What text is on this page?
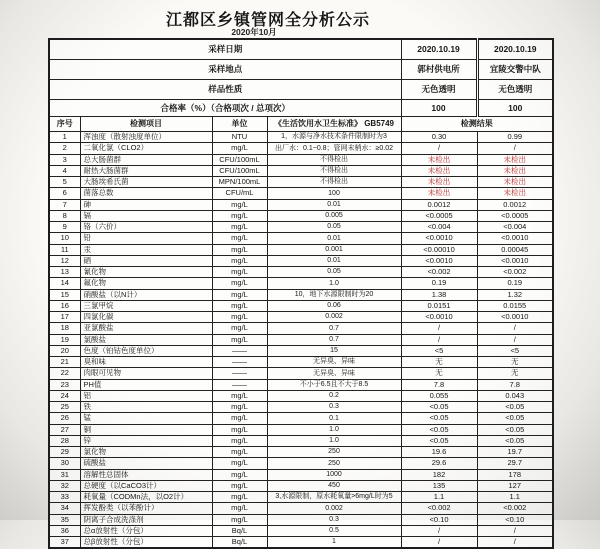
江都区乡镇管网全分析公示
2020年10月
采样日期				2020.10.19	2020.10.19
采样地点				郭村供电所	宜陵交警中队
样品性质				无色透明	无色透明
合格率（%）（合格项次 / 总项次）				100	100
序号	检测项目	单位	《生活饮用水卫生标准》 GB5749	检测结果	
1	浑浊度（散射浊度单位）	NTU	1，水源与净水技术条件限制时为3	0.30	0.99
2	二氧化氯（CLO2）	mg/L	出厂水：0.1~0.8；管网末梢水：≥0.02	/	/
3	总大肠菌群	CFU/100mL	不得检出	未检出	未检出
4	耐热大肠菌群	CFU/100mL	不得检出	未检出	未检出
5	大肠埃希氏菌	MPN/100mL	不得检出	未检出	未检出
6	菌落总数	CFU/mL	100	未检出	未检出
7	砷	mg/L	0.01	0.0012	0.0012
8	镉	mg/L	0.005	<0.0005	<0.0005
9	铬（六价）	mg/L	0.05	<0.004	<0.004
10	铅	mg/L	0.01	<0.0010	<0.0010
11	汞	mg/L	0.001	<0.00010	0.00045
12	硒	mg/L	0.01	<0.0010	<0.0010
13	氰化物	mg/L	0.05	<0.002	<0.002
14	氟化物	mg/L	1.0	0.19	0.19
15	硝酸盐（以N计）	mg/L	10，地下水源限制时为20	1.38	1.32
16	三氯甲烷	mg/L	0.06	0.0151	0.0155
17	四氯化碳	mg/L	0.002	<0.0010	<0.0010
18	亚氯酸盐	mg/L	0.7	/	/
19	氯酸盐	mg/L	0.7	/	/
20	色度（铂钴色度单位）	——	15	<5	<5
21	臭和味	——	无异臭、异味	无	无
22	肉眼可见物	——	无异臭、异味	无	无
23	PH值	——	不小于6.5且不大于8.5	7.8	7.8
24	铝	mg/L	0.2	0.055	0.043
25	铁	mg/L	0.3	<0.05	<0.05
26	锰	mg/L	0.1	<0.05	<0.05
27	铜	mg/L	1.0	<0.05	<0.05
28	锌	mg/L	1.0	<0.05	<0.05
29	氯化物	mg/L	250	19.6	19.7
30	硫酸盐	mg/L	250	29.6	29.7
31	溶解性总固体	mg/L	1000	182	178
32	总硬度（以CaCO3计）	mg/L	450	135	127
33	耗氧量（CODMn法，以O2计）	mg/L	3,水源限制，原水耗氧量>6mg/L时为5	1.1	1.1
34	挥发酚类（以苯酚计）	mg/L	0.002	<0.002	<0.002
35	阴离子合成洗涤剂	mg/L	0.3	<0.10	<0.10
36	总α放射性（分包）	Bq/L	0.5	/	/
37	总β放射性（分包）	Bq/L	1	/	/
